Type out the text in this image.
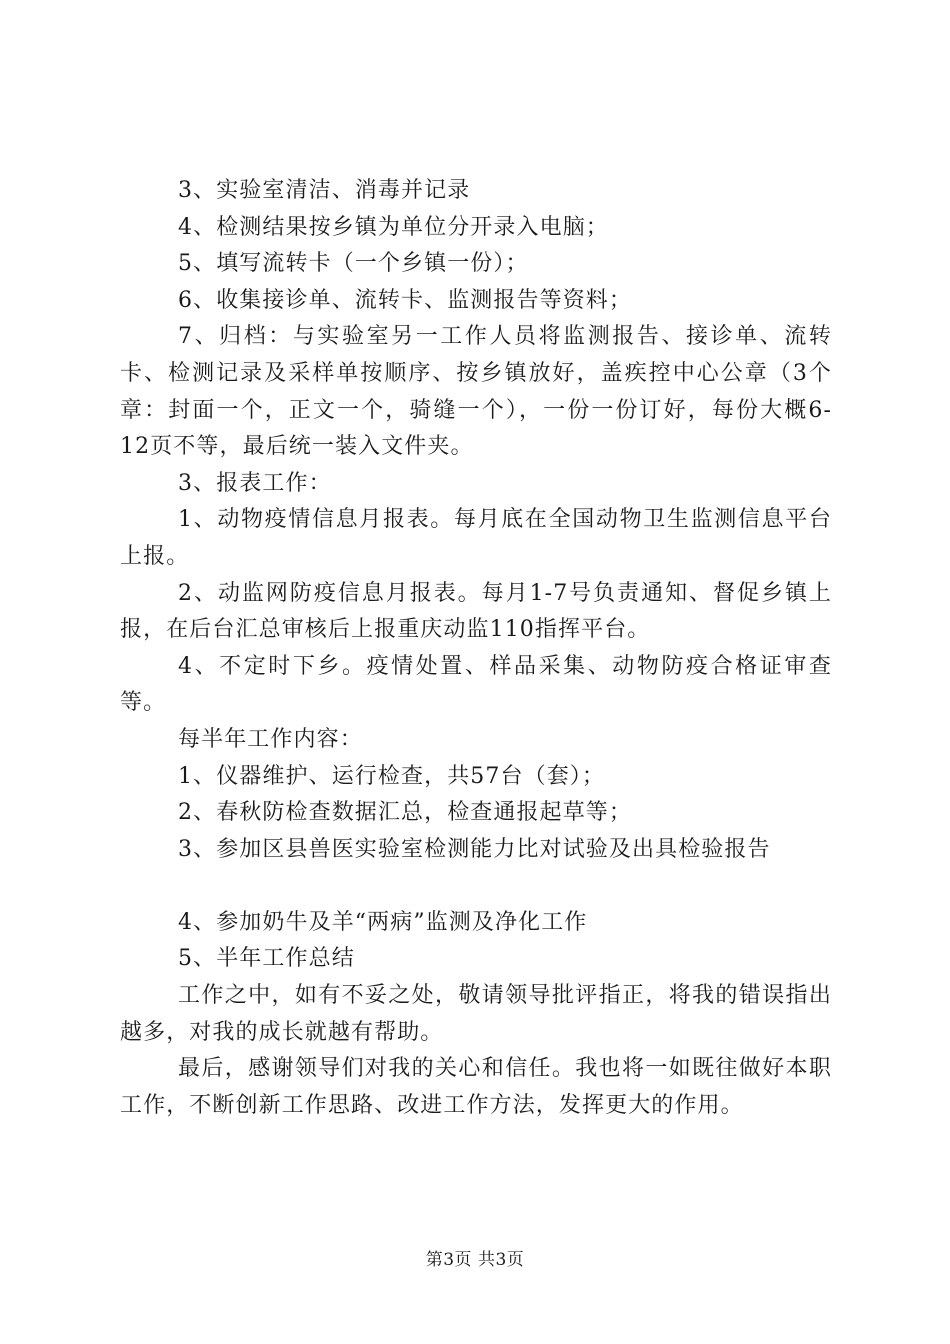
3、实验室清洁、消毒并记录

4、检测结果按乡镇为单位分开录入电脑；

5、填写流转卡（一个乡镇一份）；

6、收集接诊单、流转卡、监测报告等资料；

7、归档：与实验室另一工作人员将监测报告、接诊单、流转卡、检测记录及采样单按顺序、按乡镇放好，盖疾控中心公章（3个章：封面一个，正文一个，骑缝一个），一份一份订好，每份大概6-12页不等，最后统一装入文件夹。

3、报表工作：

1、动物疫情信息月报表。每月底在全国动物卫生监测信息平台上报。

2、动监网防疫信息月报表。每月1-7号负责通知、督促乡镇上报，在后台汇总审核后上报重庆动监110指挥平台。

4、不定时下乡。疫情处置、样品采集、动物防疫合格证审查等。

每半年工作内容：

1、仪器维护、运行检查，共57台（套）；

2、春秋防检查数据汇总，检查通报起草等；

3、参加区县兽医实验室检测能力比对试验及出具检验报告

4、参加奶牛及羊“两病”监测及净化工作

5、半年工作总结

工作之中，如有不妥之处，敬请领导批评指正，将我的错误指出越多，对我的成长就越有帮助。

最后，感谢领导们对我的关心和信任。我也将一如既往做好本职工作，不断创新工作思路、改进工作方法，发挥更大的作用。

第3页 共3页
